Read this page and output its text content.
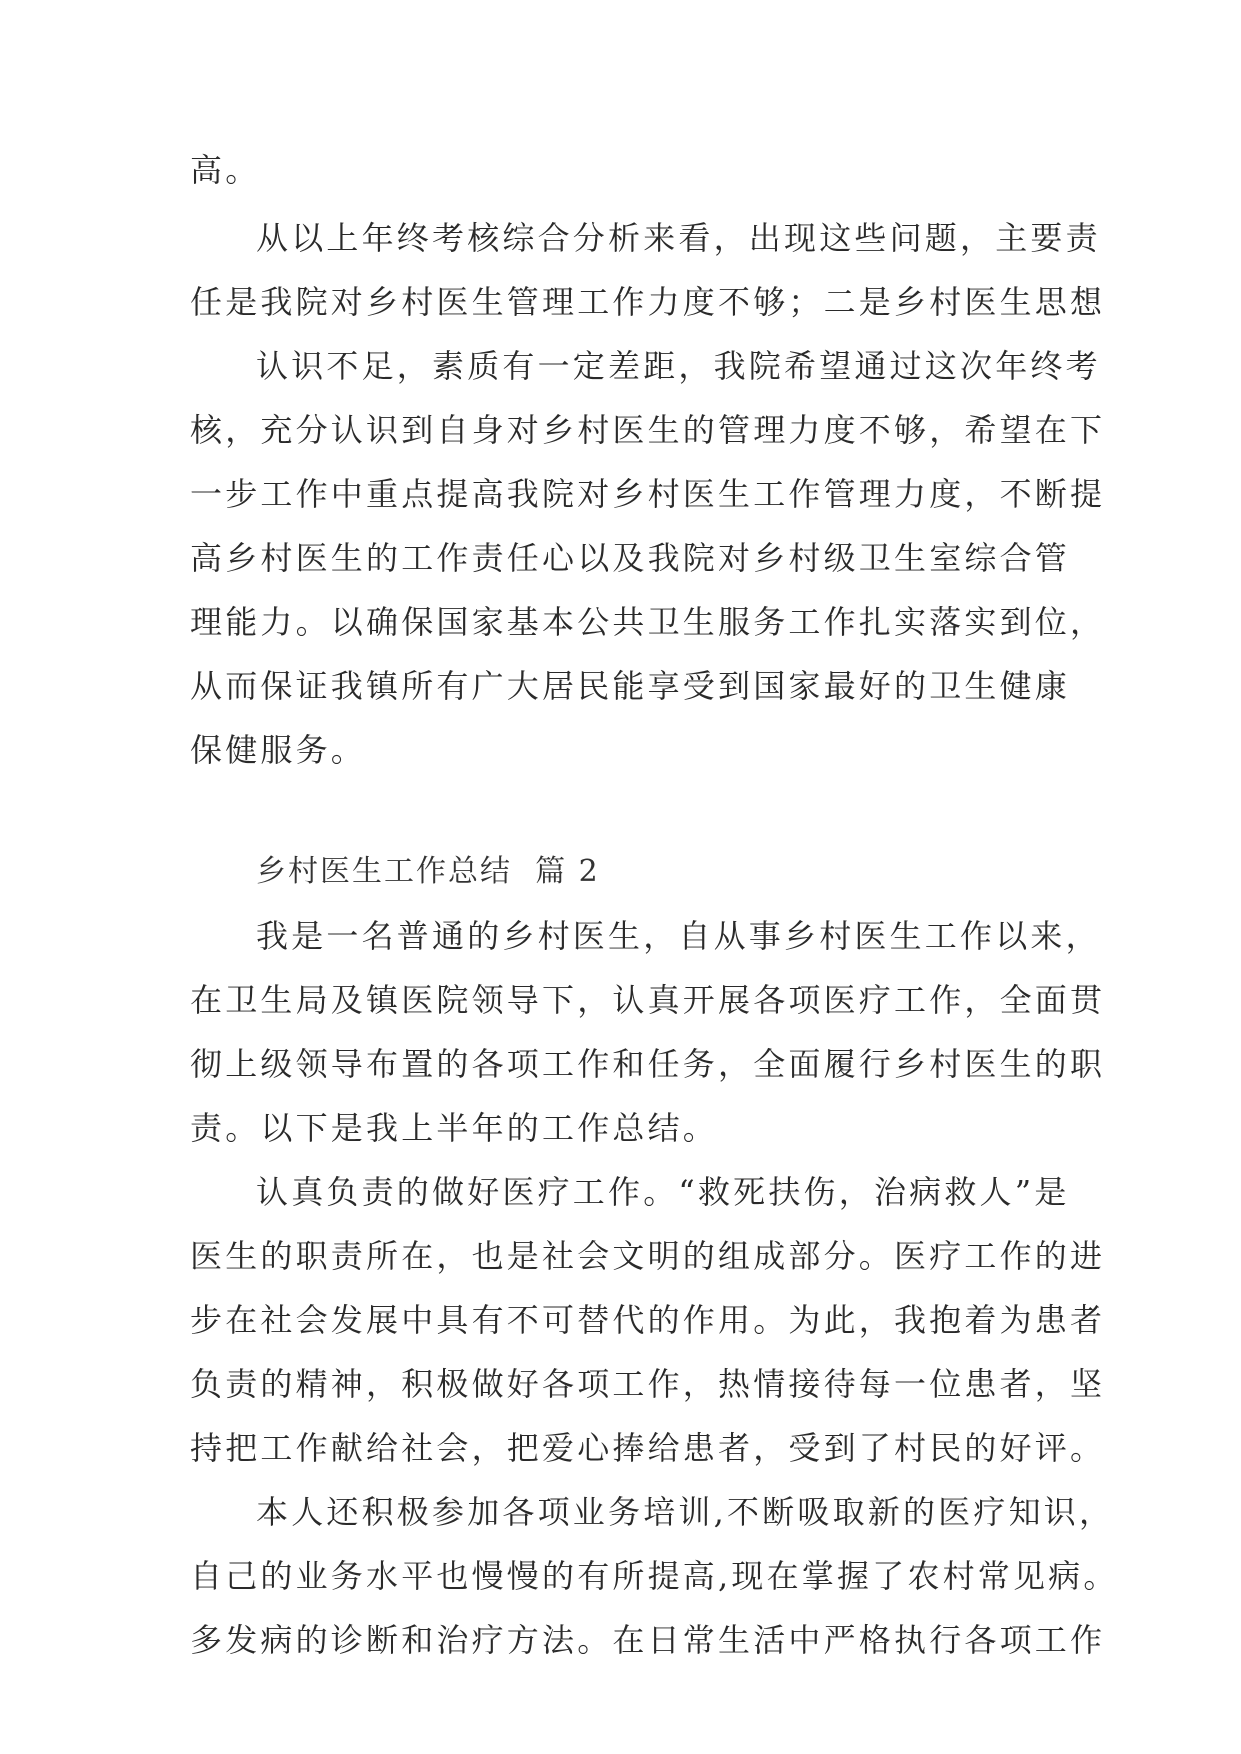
高。
从以上年终考核综合分析来看，出现这些问题，主要责
任是我院对乡村医生管理工作力度不够；二是乡村医生思想
认识不足，素质有一定差距，我院希望通过这次年终考
核，充分认识到自身对乡村医生的管理力度不够，希望在下
一步工作中重点提高我院对乡村医生工作管理力度，不断提
高乡村医生的工作责任心以及我院对乡村级卫生室综合管
理能力。以确保国家基本公共卫生服务工作扎实落实到位，
从而保证我镇所有广大居民能享受到国家最好的卫生健康
保健服务。
乡村医生工作总结  篇 2
我是一名普通的乡村医生，自从事乡村医生工作以来，
在卫生局及镇医院领导下，认真开展各项医疗工作，全面贯
彻上级领导布置的各项工作和任务，全面履行乡村医生的职
责。以下是我上半年的工作总结。
认真负责的做好医疗工作。“救死扶伤，治病救人”是
医生的职责所在，也是社会文明的组成部分。医疗工作的进
步在社会发展中具有不可替代的作用。为此，我抱着为患者
负责的精神，积极做好各项工作，热情接待每一位患者，坚
持把工作献给社会，把爱心捧给患者，受到了村民的好评。
本人还积极参加各项业务培训,不断吸取新的医疗知识，
自己的业务水平也慢慢的有所提高,现在掌握了农村常见病。
多发病的诊断和治疗方法。在日常生活中严格执行各项工作
